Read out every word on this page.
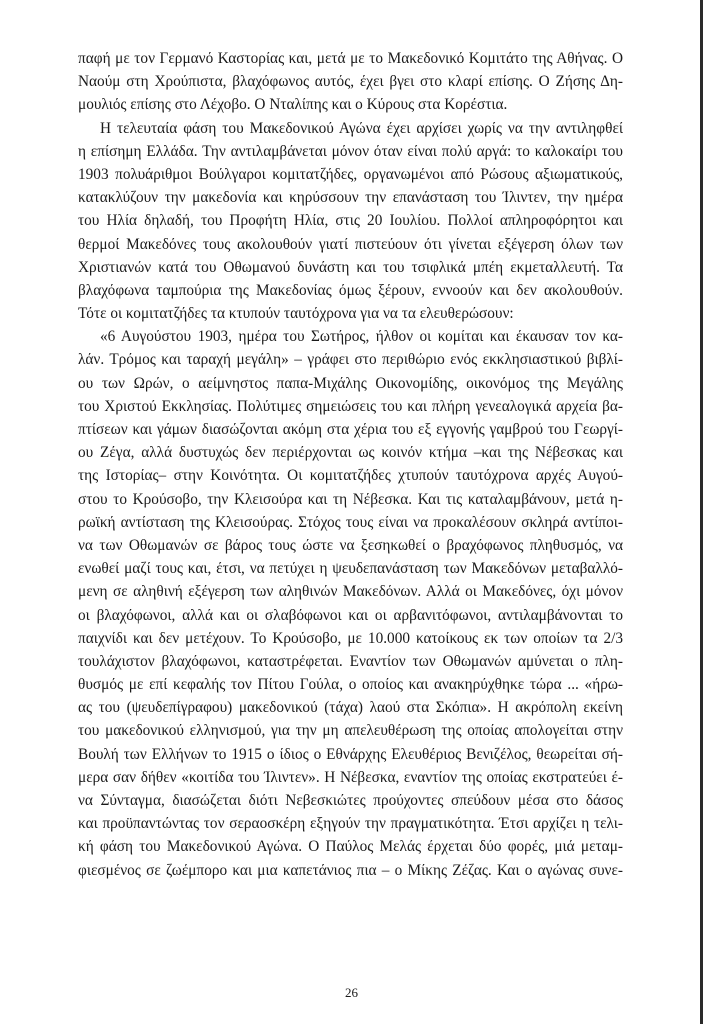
παφή με τον Γερμανό Καστορίας και, μετά με το Μακεδονικό Κομιτάτο της Αθήνας. Ο
Ναούμ στη Χρούπιστα, βλαχόφωνος αυτός, έχει βγει στο κλαρί επίσης. Ο Ζήσης Δη-
μουλιός επίσης στο Λέχοβο. Ο Νταλίπης και ο Κύρους στα Κορέστια.
Η τελευταία φάση του Μακεδονικού Αγώνα έχει αρχίσει χωρίς να την αντιληφθεί
η επίσημη Ελλάδα. Την αντιλαμβάνεται μόνον όταν είναι πολύ αργά: το καλοκαίρι του
1903 πολυάριθμοι Βούλγαροι κομιτατζήδες, οργανωμένοι από Ρώσους αξιωματικούς,
κατακλύζουν την μακεδονία και κηρύσσουν την επανάσταση του Ίλιντεν, την ημέρα
του Ηλία δηλαδή, του Προφήτη Ηλία, στις 20 Ιουλίου. Πολλοί απληροφόρητοι και
θερμοί Μακεδόνες τους ακολουθούν γιατί πιστεύουν ότι γίνεται εξέγερση όλων των
Χριστιανών κατά του Οθωμανού δυνάστη και του τσιφλικά μπέη εκμεταλλευτή. Τα
βλαχόφωνα ταμπούρια της Μακεδονίας όμως ξέρουν, εννοούν και δεν ακολουθούν.
Τότε οι κομιτατζήδες τα κτυπούν ταυτόχρονα για να τα ελευθερώσουν:
«6 Αυγούστου 1903, ημέρα του Σωτήρος, ήλθον οι κομίται και έκαυσαν τον κα-
λάν. Τρόμος και ταραχή μεγάλη» – γράφει στο περιθώριο ενός εκκλησιαστικού βιβλί-
ου των Ωρών, ο αείμνηστος παπα-Μιχάλης Οικονομίδης, οικονόμος της Μεγάλης
του Χριστού Εκκλησίας. Πολύτιμες σημειώσεις του και πλήρη γενεαλογικά αρχεία βα-
πτίσεων και γάμων διασώζονται ακόμη στα χέρια του εξ εγγονής γαμβρού του Γεωργί-
ου Ζέγα, αλλά δυστυχώς δεν περιέρχονται ως κοινόν κτήμα –και της Νέβεσκας και
της Ιστορίας– στην Κοινότητα. Οι κομιτατζήδες χτυπούν ταυτόχρονα αρχές Αυγού-
στου το Κρούσοβο, την Κλεισούρα και τη Νέβεσκα. Και τις καταλαμβάνουν, μετά η-
ρωϊκή αντίσταση της Κλεισούρας. Στόχος τους είναι να προκαλέσουν σκληρά αντίποι-
να των Οθωμανών σε βάρος τους ώστε να ξεσηκωθεί ο βραχόφωνος πληθυσμός, να
ενωθεί μαζί τους και, έτσι, να πετύχει η ψευδεπανάσταση των Μακεδόνων μεταβαλλό-
μενη σε αληθινή εξέγερση των αληθινών Μακεδόνων. Αλλά οι Μακεδόνες, όχι μόνον
οι βλαχόφωνοι, αλλά και οι σλαβόφωνοι και οι αρβανιτόφωνοι, αντιλαμβάνονται το
παιχνίδι και δεν μετέχουν. Το Κρούσοβο, με 10.000 κατοίκους εκ των οποίων τα 2/3
τουλάχιστον βλαχόφωνοι, καταστρέφεται. Εναντίον των Οθωμανών αμύνεται ο πλη-
θυσμός με επί κεφαλής τον Πίτου Γούλα, ο οποίος και ανακηρύχθηκε τώρα ... «ήρω-
ας του (ψευδεπίγραφου) μακεδονικού (τάχα) λαού στα Σκόπια». Η ακρόπολη εκείνη
του μακεδονικού ελληνισμού, για την μη απελευθέρωση της οποίας απολογείται στην
Βουλή των Ελλήνων το 1915 ο ίδιος ο Εθνάρχης Ελευθέριος Βενιζέλος, θεωρείται σή-
μερα σαν δήθεν «κοιτίδα του Ίλιντεν». Η Νέβεσκα, εναντίον της οποίας εκστρατεύει έ-
να Σύνταγμα, διασώζεται διότι Νεβεσκιώτες προύχοντες σπεύδουν μέσα στο δάσος
και προϋπαντώντας τον σεραοσκέρη εξηγούν την πραγματικότητα. Έτσι αρχίζει η τελι-
κή φάση του Μακεδονικού Αγώνα. Ο Παύλος Μελάς έρχεται δύο φορές, μιά μεταμ-
φιεσμένος σε ζωέμπορο και μια καπετάνιος πια – ο Μίκης Ζέζας. Και ο αγώνας συνε-
26
